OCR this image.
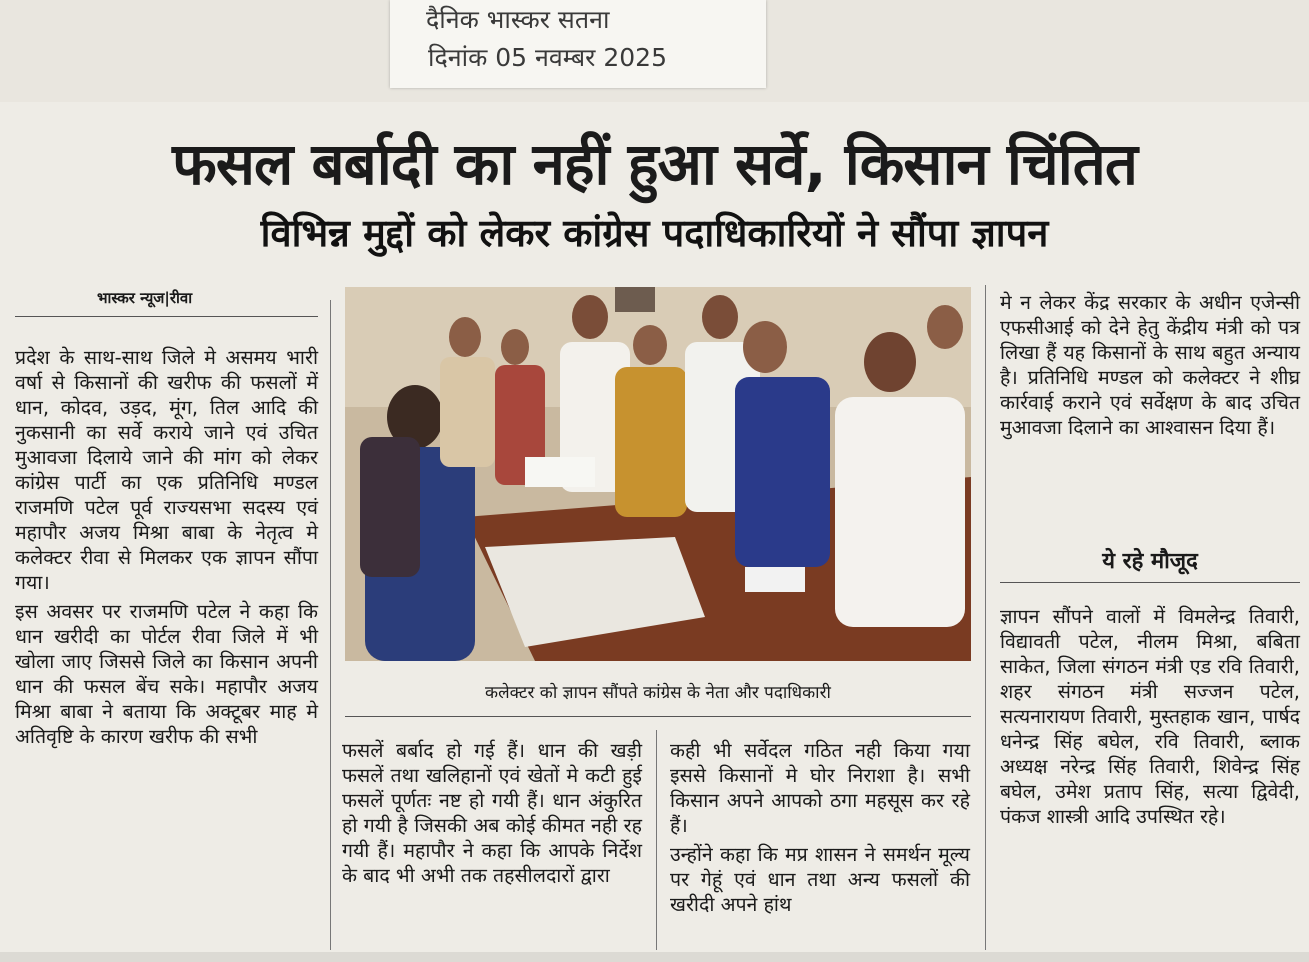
दैनिक भास्कर सतना
दिनांक 05 नवम्बर 2025
फसल बर्बादी का नहीं हुआ सर्वे, किसान चिंतित
विभिन्न मुद्दों को लेकर कांग्रेस पदाधिकारियों ने सौंपा ज्ञापन
भास्कर न्यूज|रीवा

प्रदेश के साथ-साथ जिले मे असमय भारी वर्षा से किसानों की खरीफ की फसलों में धान, कोदव, उड़द, मूंग, तिल आदि की नुकसानी का सर्वे कराये जाने एवं उचित मुआवजा दिलाये जाने की मांग को लेकर कांग्रेस पार्टी का एक प्रतिनिधि मण्डल राजमणि पटेल पूर्व राज्यसभा सदस्य एवं महापौर अजय मिश्रा बाबा के नेतृत्व मे कलेक्टर रीवा से मिलकर एक ज्ञापन सौंपा गया।

इस अवसर पर राजमणि पटेल ने कहा कि धान खरीदी का पोर्टल रीवा जिले में भी खोला जाए जिससे जिले का किसान अपनी धान की फसल बेंच सके। महापौर अजय मिश्रा बाबा ने बताया कि अक्टूबर माह मे अतिवृष्टि के कारण खरीफ की सभी

कलेक्टर को ज्ञापन सौंपते कांग्रेस के नेता और पदाधिकारी

फसलें बर्बाद हो गई हैं। धान की खड़ी फसलें तथा खलिहानों एवं खेतों मे कटी हुई फसलें पूर्णतः नष्ट हो गयी हैं। धान अंकुरित हो गयी है जिसकी अब कोई कीमत नही रह गयी हैं। महापौर ने कहा कि आपके निर्देश के बाद भी अभी तक तहसीलदारों द्वारा

कही भी सर्वेदल गठित नही किया गया इससे किसानों मे घोर निराशा है। सभी किसान अपने आपको ठगा महसूस कर रहे हैं।

उन्होंने कहा कि मप्र शासन ने समर्थन मूल्य पर गेहूं एवं धान तथा अन्य फसलों की खरीदी अपने हांथ

मे न लेकर केंद्र सरकार के अधीन एजेन्सी एफसीआई को देने हेतु केंद्रीय मंत्री को पत्र लिखा हैं यह किसानों के साथ बहुत अन्याय है। प्रतिनिधि मण्डल को कलेक्टर ने शीघ्र कार्रवाई कराने एवं सर्वेक्षण के बाद उचित मुआवजा दिलाने का आश्वासन दिया हैं।

ये रहे मौजूद

ज्ञापन सौंपने वालों में विमलेन्द्र तिवारी, विद्यावती पटेल, नीलम मिश्रा, बबिता साकेत, जिला संगठन मंत्री एड रवि तिवारी, शहर संगठन मंत्री सज्जन पटेल, सत्यनारायण तिवारी, मुस्तहाक खान, पार्षद धनेन्द्र सिंह बघेल, रवि तिवारी, ब्लाक अध्यक्ष नरेन्द्र सिंह तिवारी, शिवेन्द्र सिंह बघेल, उमेश प्रताप सिंह, सत्या द्विवेदी, पंकज शास्त्री आदि उपस्थित रहे।
